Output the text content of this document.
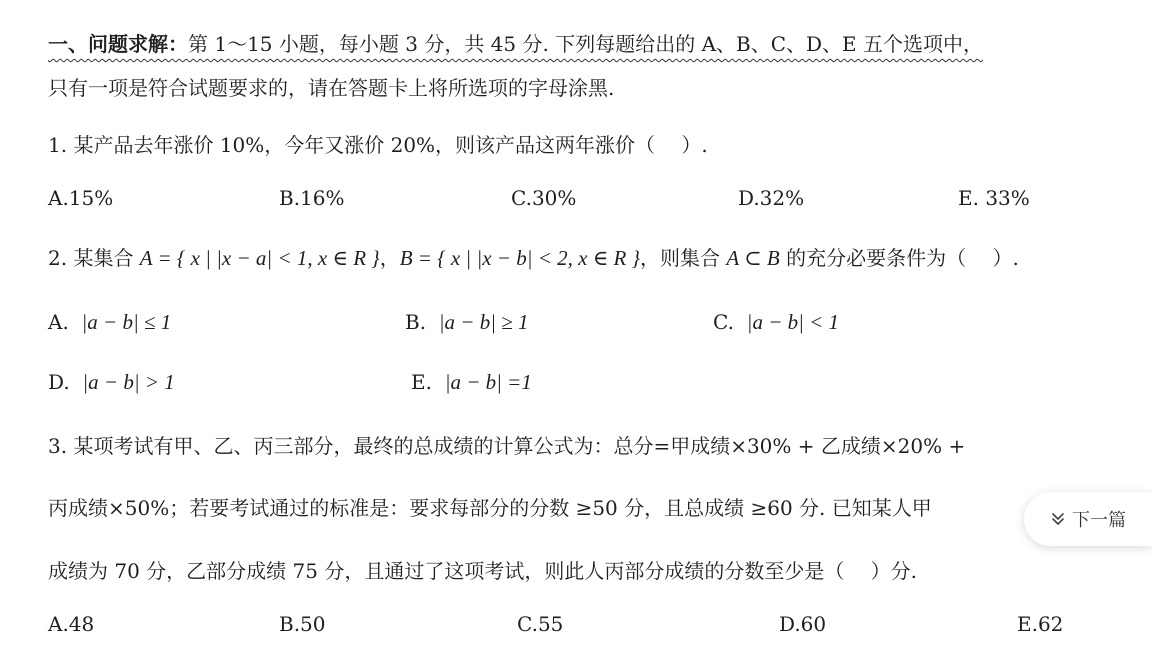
一、问题求解：第 1～15 小题，每小题 3 分，共 45 分. 下列每题给出的 A、B、C、D、E 五个选项中，
只有一项是符合试题要求的，请在答题卡上将所选项的字母涂黑.
1. 某产品去年涨价 10%，今年又涨价 20%，则该产品这两年涨价（　 ）.
A.15%	B.16%	C.30%	D.32%	E. 33%
2. 某集合 A = { x | |x − a| < 1, x ∈ R }，B = { x | |x − b| < 2, x ∈ R }，则集合 A ⊂ B 的充分必要条件为（　 ）.
A. |a − b| ≤ 1	B. |a − b| ≥ 1	C. |a − b| < 1
D. |a − b| > 1	E. |a − b| =1
3. 某项考试有甲、乙、丙三部分，最终的总成绩的计算公式为：总分=甲成绩×30% + 乙成绩×20% +
丙成绩×50%；若要考试通过的标准是：要求每部分的分数 ≥50 分，且总成绩 ≥60 分. 已知某人甲
成绩为 70 分，乙部分成绩 75 分，且通过了这项考试，则此人丙部分成绩的分数至少是（　 ）分.
A.48	B.50	C.55	D.60	E.62
下一篇
